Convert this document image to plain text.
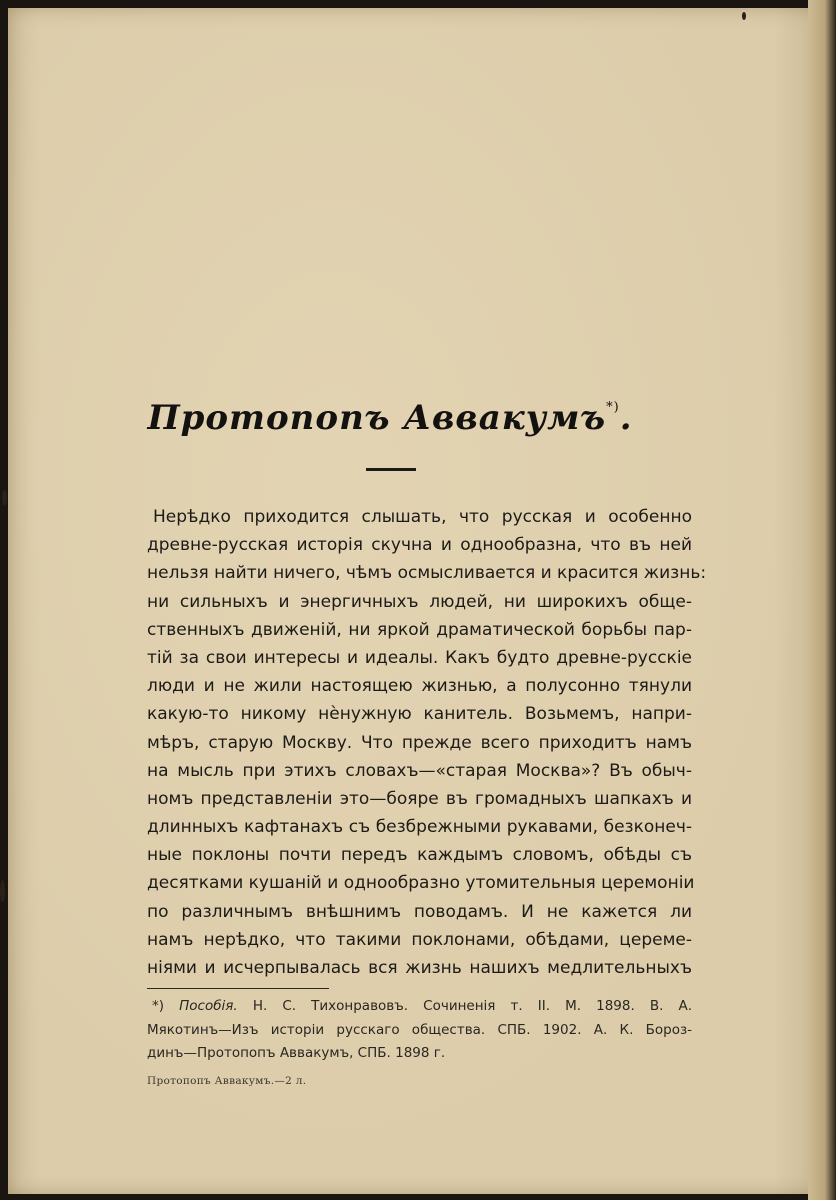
Протопопъ Аввакумъ*).
Нерѣдко приходится слышать, что русская и особенно
древне-русская исторія скучна и однообразна, что въ ней
нельзя найти ничего, чѣмъ осмысливается и красится жизнь:
ни сильныхъ и энергичныхъ людей, ни широкихъ обще-
ственныхъ движеній, ни яркой драматической борьбы пар-
тій за свои интересы и идеалы. Какъ будто древне-русскіе
люди и не жили настоящею жизнью, а полусонно тянули
какую-то никому нѐнужную канитель. Возьмемъ, напри-
мѣръ, старую Москву. Что прежде всего приходитъ намъ
на мысль при этихъ словахъ—«старая Москва»? Въ обыч-
номъ представленіи это—бояре въ громадныхъ шапкахъ и
длинныхъ кафтанахъ съ безбрежными рукавами, безконеч-
ные поклоны почти передъ каждымъ словомъ, обѣды съ
десятками кушаній и однообразно утомительныя церемоніи
по различнымъ внѣшнимъ поводамъ. И не кажется ли
намъ нерѣдко, что такими поклонами, обѣдами, цереме-
ніями и исчерпывалась вся жизнь нашихъ медлительныхъ
*) Пособія. Н. С. Тихонравовъ. Сочиненія т. II. М. 1898. В. А.
Мякотинъ—Изъ исторіи русскаго общества. СПБ. 1902. А. К. Бороз-
динъ—Протопопъ Аввакумъ, СПБ. 1898 г.
Протопопъ Аввакумъ.—2 л.
